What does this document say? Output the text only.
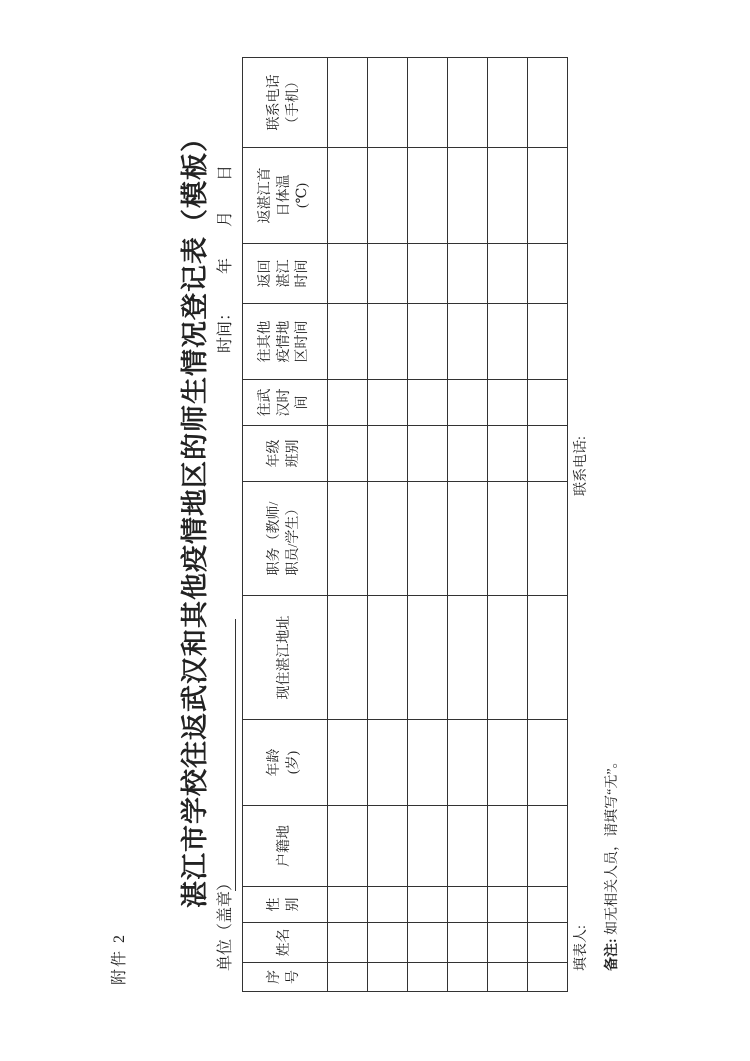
附件 2
湛江市学校往返武汉和其他疫情地区的师生情况登记表（模板）
单位（盖章）
时间：
年
月
日
序 号	姓名	性 别	户籍地	年龄 (岁)	现住湛江地址	职务（教师/ 职员/学生）	年级 班别	往武 汉时 间	往其他 疫情地 区时间	返回 湛江 时间	返湛江首 日体温 (℃)	联系电话 （手机）

填表人:
联系电话:
备注: 如无相关人员，请填写“无”。
